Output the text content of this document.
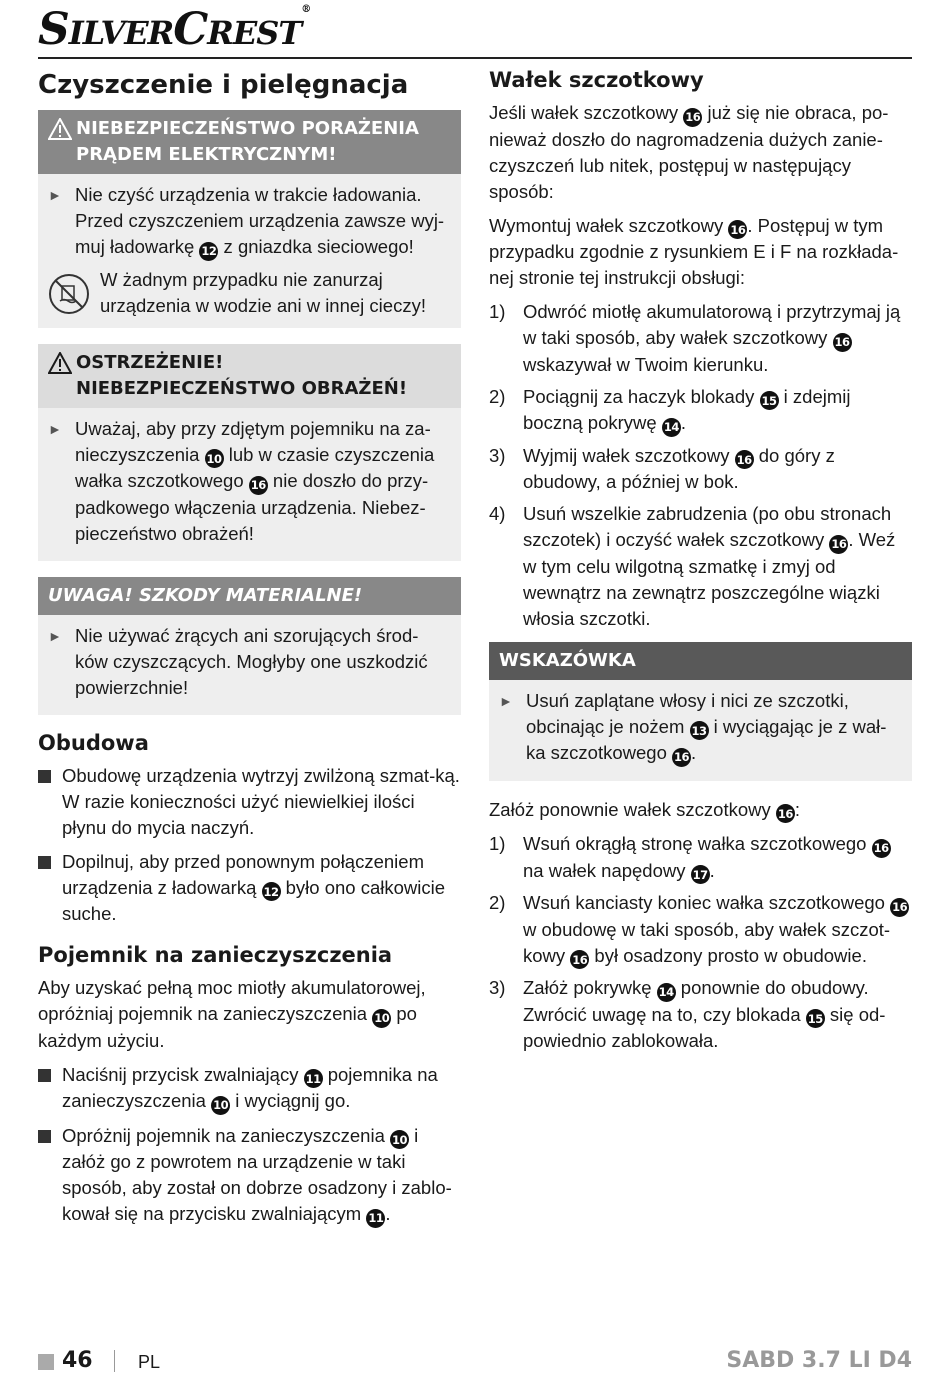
SILVERCREST®
Czyszczenie i pielęgnacja
NIEBEZPIECZEŃSTWO PORAŻENIA PRĄDEM ELEKTRYCZNYM!
► Nie czyść urządzenia w trakcie ładowania. Przed czyszczeniem urządzenia zawsze wyj-muj ładowarkę 12 z gniazdka sieciowego!
W żadnym przypadku nie zanurzaj urządzenia w wodzie ani w innej cieczy!
OSTRZEŻENIE!
NIEBEZPIECZEŃSTWO OBRAŻEŃ!
► Uważaj, aby przy zdjętym pojemniku na za-nieczyszczenia 10 lub w czasie czyszczenia wałka szczotkowego 16 nie doszło do przy-padkowego włączenia urządzenia. Niebez-pieczeństwo obrażeń!
UWAGA! SZKODY MATERIALNE!
► Nie używać żrących ani szorujących środ-ków czyszczących. Mogłyby one uszkodzić powierzchnie!
Obudowa
Obudowę urządzenia wytrzyj zwilżoną szmat-ką. W razie konieczności użyć niewielkiej ilości płynu do mycia naczyń.
Dopilnuj, aby przed ponownym połączeniem urządzenia z ładowarką 12 było ono całkowicie suche.
Pojemnik na zanieczyszczenia

Aby uzyskać pełną moc miotły akumulatorowej, opróżniaj pojemnik na zanieczyszczenia 10 po każdym użyciu.

Naciśnij przycisk zwalniający 11 pojemnika na zanieczyszczenia 10 i wyciągnij go.
Opróżnij pojemnik na zanieczyszczenia 10 i załóż go z powrotem na urządzenie w taki sposób, aby został on dobrze osadzony i zablo-kował się na przycisku zwalniającym 11 .
Wałek szczotkowy

Jeśli wałek szczotkowy 16 już się nie obraca, po-nieważ doszło do nagromadzenia dużych zanie-czyszczeń lub nitek, postępuj w następujący sposób:

Wymontuj wałek szczotkowy 16 . Postępuj w tym przypadku zgodnie z rysunkiem E i F na rozkłada-nej stronie tej instrukcji obsługi:

1) Odwróć miotłę akumulatorową i przytrzymaj ją w taki sposób, aby wałek szczotkowy 16 wskazywał w Twoim kierunku.
2) Pociągnij za haczyk blokady 15 i zdejmij boczną pokrywę 14 .
3) Wyjmij wałek szczotkowy 16 do góry z obudowy, a później w bok.
4) Usuń wszelkie zabrudzenia (po obu stronach szczotek) i oczyść wałek szczotkowy 16 . Weź w tym celu wilgotną szmatkę i zmyj od wewnątrz na zewnątrz poszczególne wiązki włosia szczotki.
WSKAZÓWKA
► Usuń zaplątane włosy i nici ze szczotki, obcinając je nożem 13 i wyciągając je z wał-ka szczotkowego 16 .

Załóż ponownie wałek szczotkowy 16 :

1) Wsuń okrągłą stronę wałka szczotkowego 16 na wałek napędowy 17 .
2) Wsuń kanciasty koniec wałka szczotkowego 16 w obudowę w taki sposób, aby wałek szczot-kowy 16 był osadzony prosto w obudowie.
3) Załóż pokrywkę 14 ponownie do obudowy. Zwrócić uwagę na to, czy blokada 15 się od-powiednio zablokowała.
46	PL	SABD 3.7 LI D4
